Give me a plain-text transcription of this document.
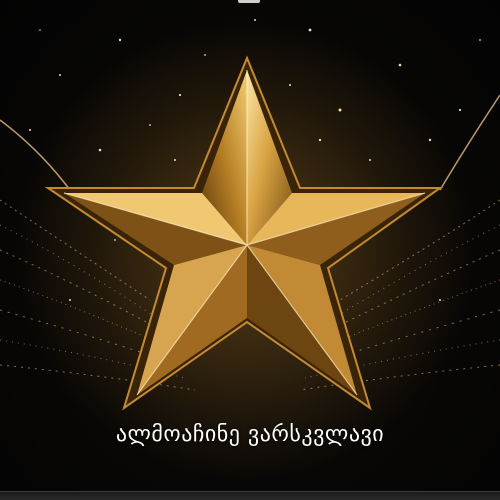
ალმოაჩინე ვარსკვლავი
